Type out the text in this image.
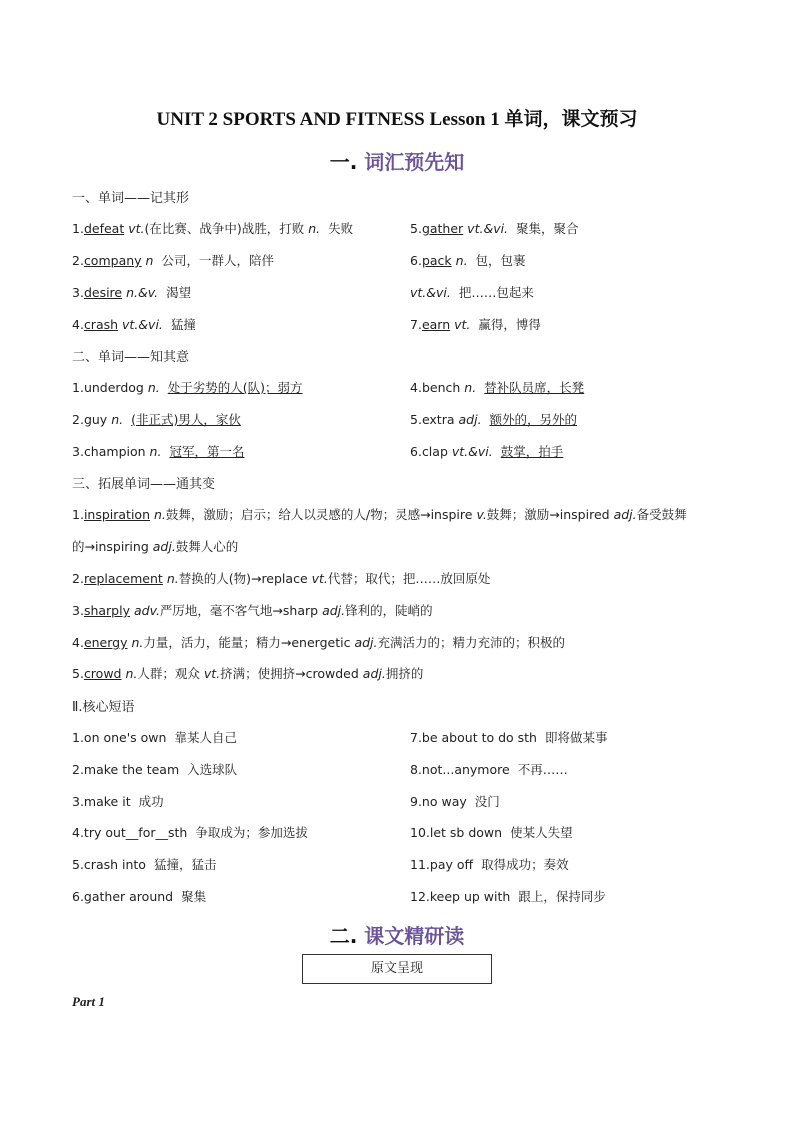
UNIT 2 SPORTS AND FITNESS Lesson 1 单词，课文预习
一. 词汇预先知
一、单词——记其形
1.defeat vt.(在比赛、战争中)战胜，打败 n. 失败	5.gather vt.&vi. 聚集，聚合
2.company n 公司，一群人，陪伴	6.pack n. 包，包裹
3.desire n.&v. 渴望	vt.&vi. 把……包起来
4.crash vt.&vi. 猛撞	7.earn vt. 赢得，博得
二、单词——知其意
1.underdog n. 处于劣势的人(队)；弱方	4.bench n. 替补队员席，长凳
2.guy n. (非正式)男人，家伙	5.extra adj. 额外的，另外的
3.champion n. 冠军，第一名	6.clap vt.&vi. 鼓掌，拍手
三、拓展单词——通其变
1.inspiration n.鼓舞，激励；启示；给人以灵感的人/物；灵感→inspire v.鼓舞；激励→inspired adj.备受鼓舞
的→inspiring adj.鼓舞人心的
2.replacement n.替换的人(物)→replace vt.代替；取代；把……放回原处
3.sharply adv.严厉地，毫不客气地→sharp adj.锋利的，陡峭的
4.energy n.力量，活力，能量；精力→energetic adj.充满活力的；精力充沛的；积极的
5.crowd n.人群；观众 vt.挤满；使拥挤→crowded adj.拥挤的
Ⅱ.核心短语
1.on one's own 靠某人自己	7.be about to do sth 即将做某事
2.make the team 入选球队	8.not...anymore 不再……
3.make it 成功	9.no way 没门
4.try out__for__sth 争取成为；参加选拔	10.let sb down 使某人失望
5.crash into 猛撞，猛击	11.pay off 取得成功；奏效
6.gather around 聚集	12.keep up with 跟上，保持同步
二. 课文精研读
原文呈现
Part 1
